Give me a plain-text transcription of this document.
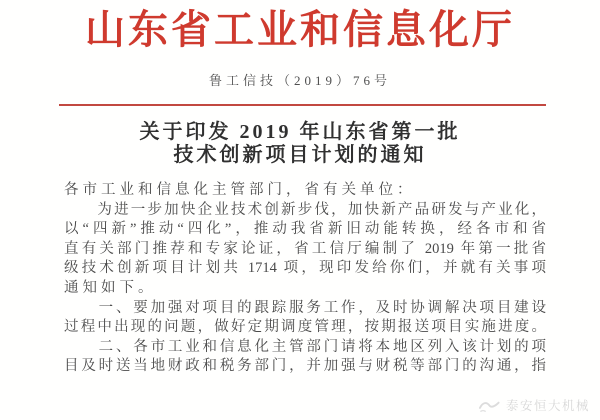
山东省工业和信息化厅
鲁工信技（2019）76号
关于印发 2019 年山东省第一批
技术创新项目计划的通知
各市工业和信息化主管部门，省有关单位：
　　为进一步加快企业技术创新步伐，加快新产品研发与产业化，
以“四新”推动“四化”，推动我省新旧动能转换，经各市和省
直有关部门推荐和专家论证，省工信厅编制了 2019 年第一批省
级技术创新项目计划共 1714 项，现印发给你们，并就有关事项
通知如下。
　　一、要加强对项目的跟踪服务工作，及时协调解决项目建设
过程中出现的问题，做好定期调度管理，按期报送项目实施进度。
　　二、各市工业和信息化主管部门请将本地区列入该计划的项
目及时送当地财政和税务部门，并加强与财税等部门的沟通，指
泰安恒大机械
